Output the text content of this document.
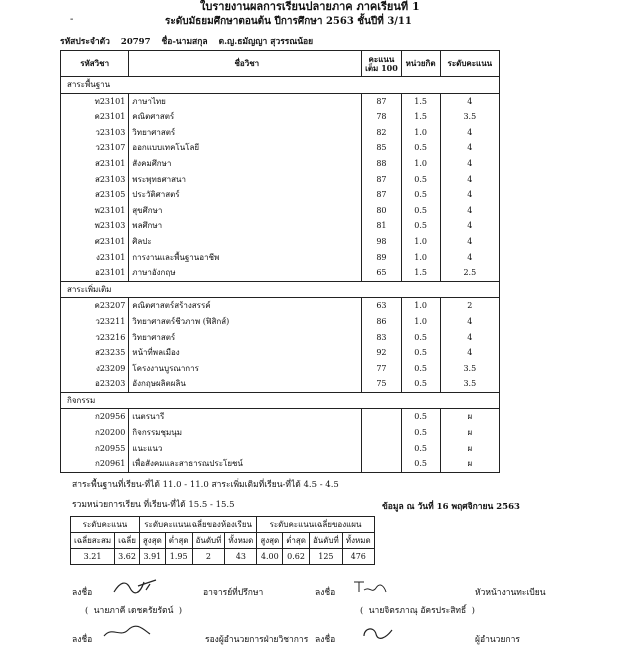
ใบรายงานผลการเรียนปลายภาค ภาคเรียนที่ 1
-	ระดับมัธยมศึกษาตอนต้น ปีการศึกษา 2563 ชั้นปีที่ 3/11
รหัสประจำตัว 20797 ชื่อ-นามสกุล ด.ญ.ธมัญญา สุวรรณน้อย
รหัสวิชา	ชื่อวิชา	คะแนน เต็ม 100	หน่วยกิต	ระดับคะแนน
สาระพื้นฐาน				
ท23101	ภาษาไทย	87	1.5	4
ค23101	คณิตศาสตร์	78	1.5	3.5
ว23103	วิทยาศาสตร์	82	1.0	4
ว23107	ออกแบบเทคโนโลยี	85	0.5	4
ส23101	สังคมศึกษา	88	1.0	4
ส23103	พระพุทธศาสนา	87	0.5	4
ส23105	ประวัติศาสตร์	87	0.5	4
พ23101	สุขศึกษา	80	0.5	4
พ23103	พลศึกษา	81	0.5	4
ศ23101	ศิลปะ	98	1.0	4
ง23101	การงานและพื้นฐานอาชีพ	89	1.0	4
อ23101	ภาษาอังกฤษ	65	1.5	2.5
สาระเพิ่มเติม				
ค23207	คณิตศาสตร์สร้างสรรค์	63	1.0	2
ว23211	วิทยาศาสตร์ชีวภาพ (ฟิสิกส์)	86	1.0	4
ว23216	วิทยาศาสตร์	83	0.5	4
ส23235	หน้าที่พลเมือง	92	0.5	4
ง23209	โครงงานบูรณาการ	77	0.5	3.5
อ23203	อังกฤษผลิตผลิน	75	0.5	3.5
กิจกรรม				
ก20956	เนตรนารี		0.5	ผ
ก20200	กิจกรรมชุมนุม		0.5	ผ
ก20955	แนะแนว		0.5	ผ
ก20961	เพื่อสังคมและสาธารณประโยชน์		0.5	ผ
สาระพื้นฐานที่เรียน-ที่ได้ 11.0 - 11.0 สาระเพิ่มเติมที่เรียน-ที่ได้ 4.5 - 4.5
รวมหน่วยการเรียน ที่เรียน-ที่ได้ 15.5 - 15.5	ข้อมูล ณ วันที่ 16 พฤศจิกายน 2563
ระดับคะแนน		ระดับคะแนนเฉลี่ยของห้องเรียน				ระดับคะแนนเฉลี่ยของแผน			
เฉลี่ยสะสม	เฉลี่ย	สูงสุด	ต่ำสุด	อันดับที่	ทั้งหมด	สูงสุด	ต่ำสุด	อันดับที่	ทั้งหมด
3.21	3.62	3.91	1.95	2	43	4.00	0.62	125	476
ลงชื่อ	อาจารย์ที่ปรึกษา
(  นายภาคี เดชครัยรัตน์  )
ลงชื่อ	หัวหน้างานทะเบียน
(  นายจิตรภาณุ อัครประสิทธิ์  )
ลงชื่อ	รองผู้อำนวยการฝ่ายวิชาการ ลงชื่อ	ผู้อำนวยการ
